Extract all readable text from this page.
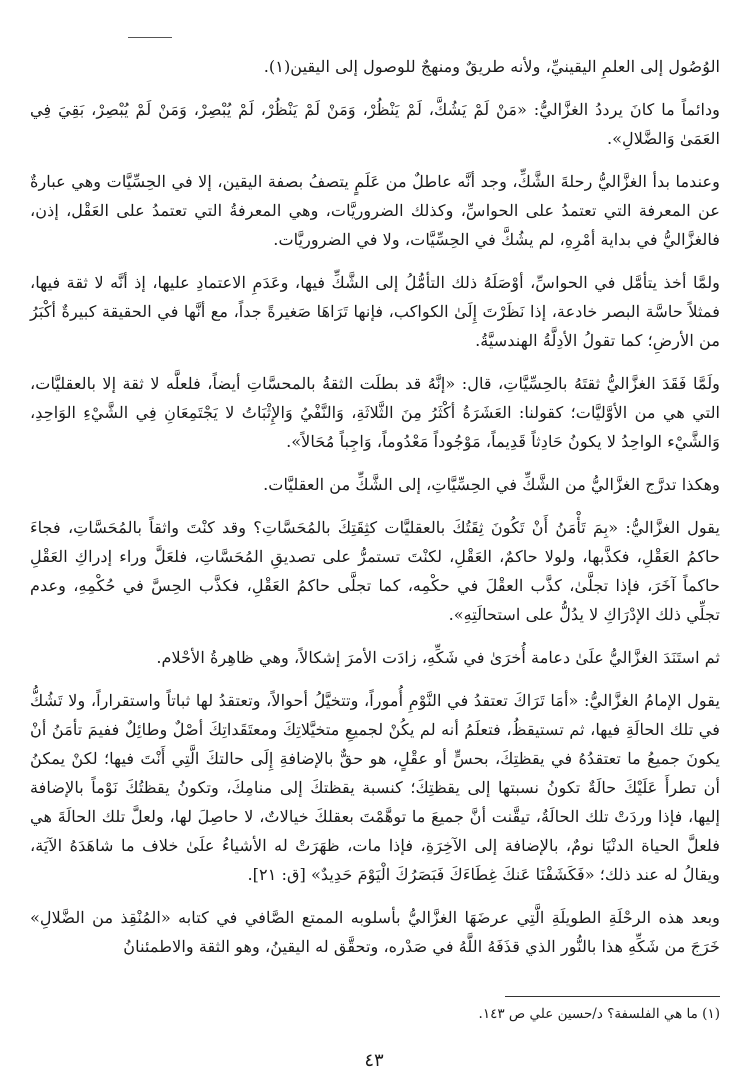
الوُصُول إلى العلمِ اليقينيِّ، ولأنه طريقٌ ومنهجٌ للوصول إلى اليقين(١).

ودائماً ما كانَ يرددُ الغزَّاليُّ: «مَنْ لَمْ يَشُكَّ، لَمْ يَنْظُرْ، وَمَنْ لَمْ يَنْظُرْ، لَمْ يُبْصِرْ، وَمَنْ لَمْ يُبْصِرْ، بَقِيَ فِي العَمَىٰ وَالضَّلالِ».

وعندما بدأ الغزَّاليُّ رحلةَ الشَّكِّ، وجد أنَّه عاطلٌ من عَلَمٍ يتصفُ بصفة اليقين، إلا في الحِسِّيَّات وهي عبارةٌ عن المعرفة التي تعتمدُ على الحواسِّ، وكذلك الضروريَّات، وهي المعرفةُ التي تعتمدُ على العَقْل، إذن، فالغزَّاليُّ في بداية أمْرِهِ، لم يشُكَّ في الحِسِّيَّات، ولا في الضروريَّات.

ولمَّا أخذ يتأمَّل في الحواسِّ، أوْصَلَهُ ذلك التأمُّلُ إلى الشَّكِّ فيها، وعَدَمِ الاعتمادِ عليها، إذ أنَّه لا ثقة فيها، فمثلاً حاسَّة البصر خادعة، إذا نَظَرْتَ إِلَىٰ الكواكب، فإنها تَرَاهَا صَغيرةً جداً، مع أنَّها في الحقيقة كبيرةٌ أكْبَرُ من الأرضِ؛ كما تقولُ الأدِلَّةُ الهندسيَّةُ.

ولَمَّا فَقَدَ الغزَّاليُّ ثقتَهُ بالحِسِّيَّاتِ، قال: «إنَّهُ قد بطلَت الثقةُ بالمحسَّاتِ أيضاً، فلعلَّه لا ثقة إلا بالعقليَّات، التي هي من الأوَّليَّات؛ كقولنا: العَشَرَةُ أكْثَرُ مِنَ الثَّلاثَةِ، وَالنَّفْيُ وَالإِثْبَاتُ لا يَجْتَمِعَانِ فِي الشَّيْءِ الوَاحِدِ، وَالشَّيْء الواحِدُ لا يكونُ حَادِثاً قَدِيماً، مَوْجُوداً مَعْدُوماً، وَاجِباً مُحَالاً».

وهكذا تدرَّج الغزَّاليُّ من الشَّكِّ في الحِسِّيَّاتِ، إلى الشَّكِّ من العقليَّات.

يقول الغزَّاليُّ: «بِمَ تَأْمَنُ أَنْ تَكُونَ ثِقَتُكَ بالعقليَّات كثِقَتِكَ بالمُحَسَّاتِ؟ وقد كنْتَ واثقاً بالمُحَسَّاتِ، فجاءَ حاكمُ العَقْلِ، فكذَّبها، ولولا حاكمٌ، العَقْلِ، لكنْتَ تستمرُّ على تصديقِ المُحَسَّاتِ، فلعَلَّ وراء إدراكِ العَقْلِ حاكماً آخَرَ، فإذا تجلَّىٰ، كذَّب العقْلَ في حكْمِه، كما تجلَّى حاكمُ العَقْلِ، فكذَّب الحِسَّ في حُكْمِهِ، وعدم تجلِّي ذلك الإدْرَاكِ لا يدُلُّ على استحالَتِهِ».

ثم استَنَدَ الغزَّاليُّ علَىٰ دعامة أُخرَىٰ في شَكِّهِ، زادَت الأمرَ إشكالاً، وهي ظاهِرةُ الأحْلام.

يقول الإمامُ الغزَّاليُّ: «أمَا تَرَاكَ تعتقدُ في النَّوْمِ أُموراً، وتتخيَّلُ أحوالاً، وتعتقدُ لها ثباتاً واستقراراً، ولا تَشُكُّ في تلك الحالَةِ فيها، ثم تستيقظُ، فتعلَمُ أنه لم يكُنْ لجميعِ متخيَّلاتِكَ ومعتَقَداتِكَ أصْلٌ وطائِلٌ ففيمَ تأمَنُ أنْ يكونَ جميعُ ما تعتقدُهُ في يقظتِكَ، بحسٍّ أو عقْلٍ، هو حقٌّ بالإضافةِ إِلَى حالتكَ الَّتِي أَنْتَ فيها؛ لكنْ يمكنُ أن تطرأَ عَلَيْكَ حالَةٌ تكونُ نسبتها إلى يقظتِكَ؛ كنسبة يقظتكَ إلى منامِكَ، وتكونُ يقظتُكَ نَوْماً بالإضافة إليها، فإذا وردَتْ تلك الحالَةُ، تيقَّنت أنَّ جميعَ ما توهَّمْتَ بعقلكَ خيالاتٌ، لا حاصِلَ لها، ولعلَّ تلك الحالَةَ هي فلعلَّ الحياة الدنْيَا نومٌ، بالإضافة إلى الآخِرَةِ، فإذا مات، ظهَرَتْ له الأشياءُ علَىٰ خلاف ما شاهَدَهُ الآيَة، ويقالُ له عند ذلك؛ «فَكَشَفْنَا عَنكَ غِطَاءَكَ فَبَصَرُكَ الْيَوْمَ حَدِيدٌ» [ق: ٢١].

وبعد هذه الرحْلَةِ الطويلَةِ الَّتِي عرضَهَا الغزَّاليُّ بأسلوبه الممتع الصَّافي في كتابه «المُنْقِذ من الضَّلالِ» خَرَجَ من شَكِّهِ هذا بالنُّور الذي قذَفَهُ اللَّهُ في صَدْره، وتحقَّق له اليقينُ، وهو الثقة والاطمئنانُ

(١) ما هي الفلسفة؟ د/حسين علي ص ١٤٣.
٤٣
